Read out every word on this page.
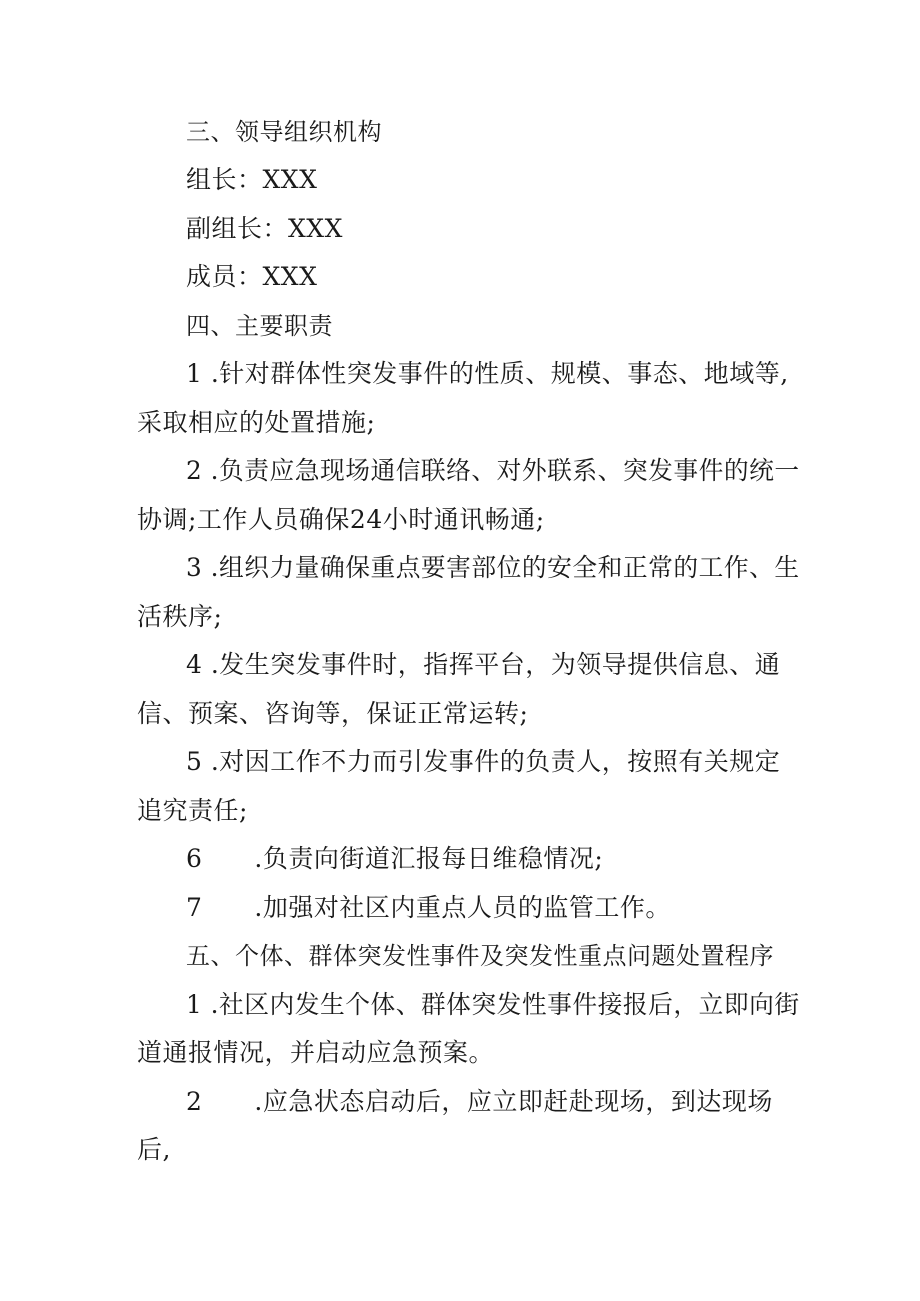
三、领导组织机构

组长：XXX

副组长：XXX

成员：XXX

四、主要职责

1 .针对群体性突发事件的性质、规模、事态、地域等,

采取相应的处置措施;

2 .负责应急现场通信联络、对外联系、突发事件的统一

协调;工作人员确保24小时通讯畅通;

3 .组织力量确保重点要害部位的安全和正常的工作、生

活秩序;

4 .发生突发事件时，指挥平台，为领导提供信息、通

信、预案、咨询等，保证正常运转;

5 .对因工作不力而引发事件的负责人，按照有关规定

追究责任;

6 .负责向街道汇报每日维稳情况;

7 .加强对社区内重点人员的监管工作。

五、个体、群体突发性事件及突发性重点问题处置程序

1 .社区内发生个体、群体突发性事件接报后，立即向街

道通报情况，并启动应急预案。

2 .应急状态启动后，应立即赶赴现场，到达现场

后,
